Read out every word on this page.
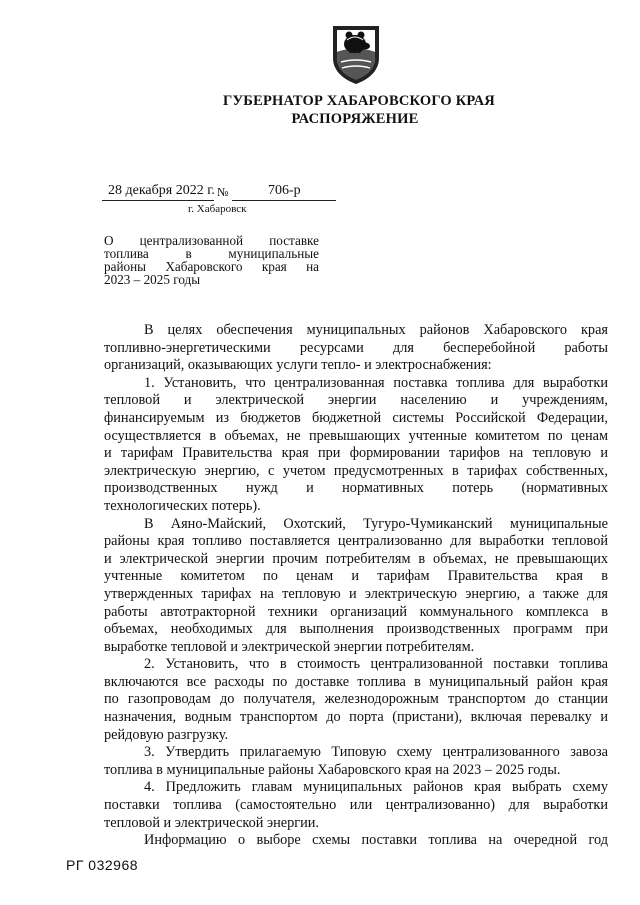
ГУБЕРНАТОР ХАБАРОВСКОГО КРАЯ
РАСПОРЯЖЕНИЕ
28 декабря 2022 г. №	706-р
г. Хабаровск
О централизованной поставке
топлива в муниципальные
районы Хабаровского края на
2023 – 2025 годы
В целях обеспечения муниципальных районов Хабаровского края
топливно-энергетическими ресурсами для бесперебойной работы
организаций, оказывающих услуги тепло- и электроснабжения:
1. Установить, что централизованная поставка топлива для выработки
тепловой и электрической энергии населению и учреждениям,
финансируемым из бюджетов бюджетной системы Российской Федерации,
осуществляется в объемах, не превышающих учтенные комитетом по ценам
и тарифам Правительства края при формировании тарифов на тепловую и
электрическую энергию, с учетом предусмотренных в тарифах собственных,
производственных нужд и нормативных потерь (нормативных
технологических потерь).
В Аяно-Майский, Охотский, Тугуро-Чумиканский муниципальные
районы края топливо поставляется централизованно для выработки тепловой
и электрической энергии прочим потребителям в объемах, не превышающих
учтенные комитетом по ценам и тарифам Правительства края в
утвержденных тарифах на тепловую и электрическую энергию, а также для
работы автотракторной техники организаций коммунального комплекса в
объемах, необходимых для выполнения производственных программ при
выработке тепловой и электрической энергии потребителям.
2. Установить, что в стоимость централизованной поставки топлива
включаются все расходы по доставке топлива в муниципальный район края
по газопроводам до получателя, железнодорожным транспортом до станции
назначения, водным транспортом до порта (пристани), включая перевалку и
рейдовую разгрузку.
3. Утвердить прилагаемую Типовую схему централизованного завоза
топлива в муниципальные районы Хабаровского края на 2023 – 2025 годы.
4. Предложить главам муниципальных районов края выбрать схему
поставки топлива (самостоятельно или централизованно) для выработки
тепловой и электрической энергии.
Информацию о выборе схемы поставки топлива на очередной год
РГ 032968
